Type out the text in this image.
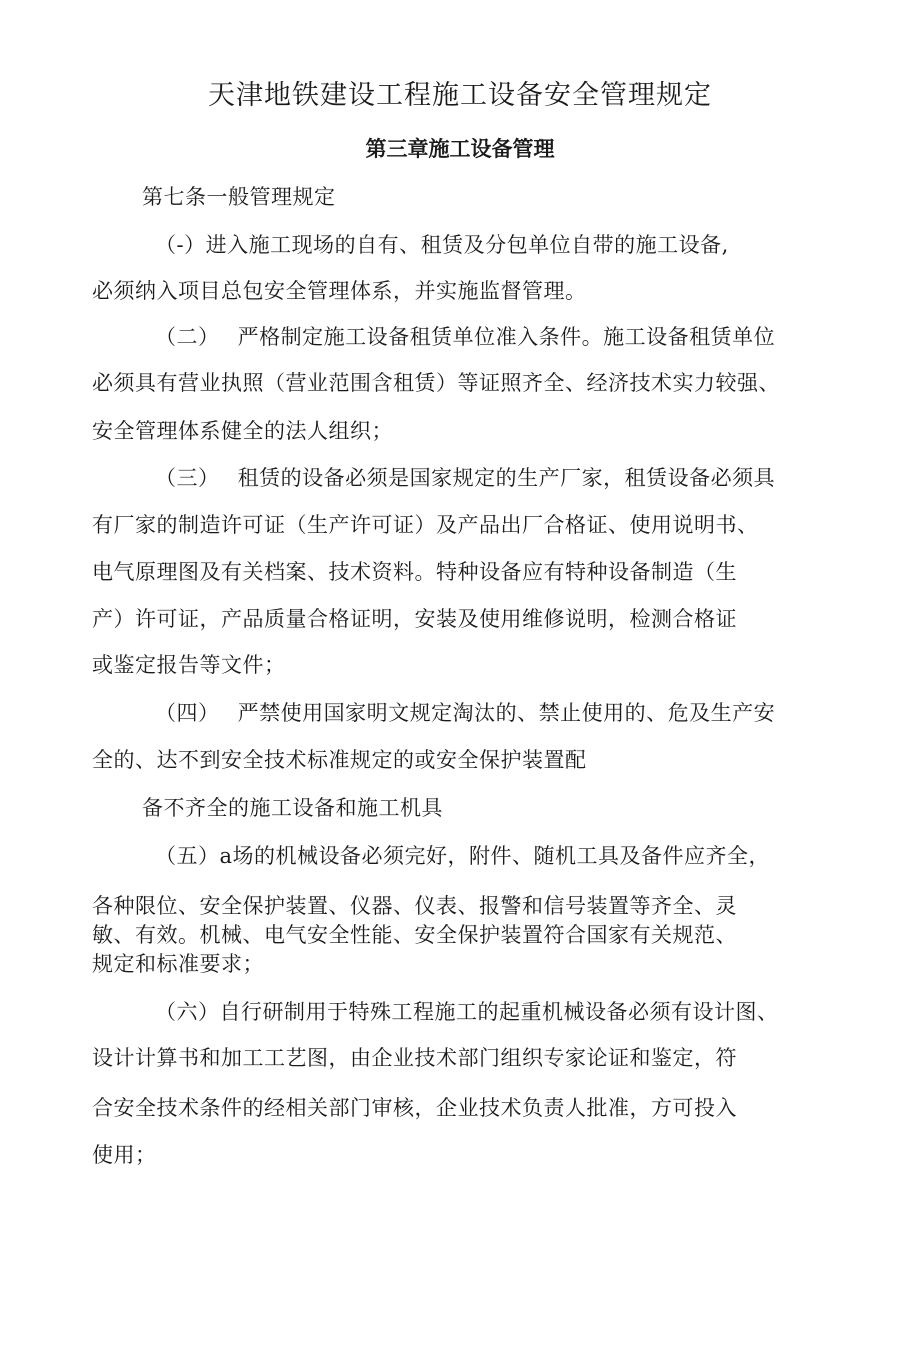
天津地铁建设工程施工设备安全管理规定
第三章施工设备管理
第七条一般管理规定
（-）进入施工现场的自有、租赁及分包单位自带的施工设备,
必须纳入项目总包安全管理体系，并实施监督管理。
（二）　 严格制定施工设备租赁单位准入条件。施工设备租赁单位
必须具有营业执照（营业范围含租赁）等证照齐全、经济技术实力较强、
安全管理体系健全的法人组织；
（三）　 租赁的设备必须是国家规定的生产厂家，租赁设备必须具
有厂家的制造许可证（生产许可证）及产品出厂合格证、使用说明书、
电气原理图及有关档案、技术资料。特种设备应有特种设备制造（生
产）许可证，产品质量合格证明，安装及使用维修说明，检测合格证
或鉴定报告等文件；
（四）　 严禁使用国家明文规定淘汰的、禁止使用的、危及生产安
全的、达不到安全技术标准规定的或安全保护装置配
备不齐全的施工设备和施工机具
（五）a场的机械设备必须完好，附件、随机工具及备件应齐全，
各种限位、安全保护装置、仪器、仪表、报警和信号装置等齐全、灵
敏、有效。机械、电气安全性能、安全保护装置符合国家有关规范、
规定和标准要求；
（六）自行研制用于特殊工程施工的起重机械设备必须有设计图、
设计计算书和加工工艺图，由企业技术部门组织专家论证和鉴定，符
合安全技术条件的经相关部门审核，企业技术负责人批准，方可投入
使用；
